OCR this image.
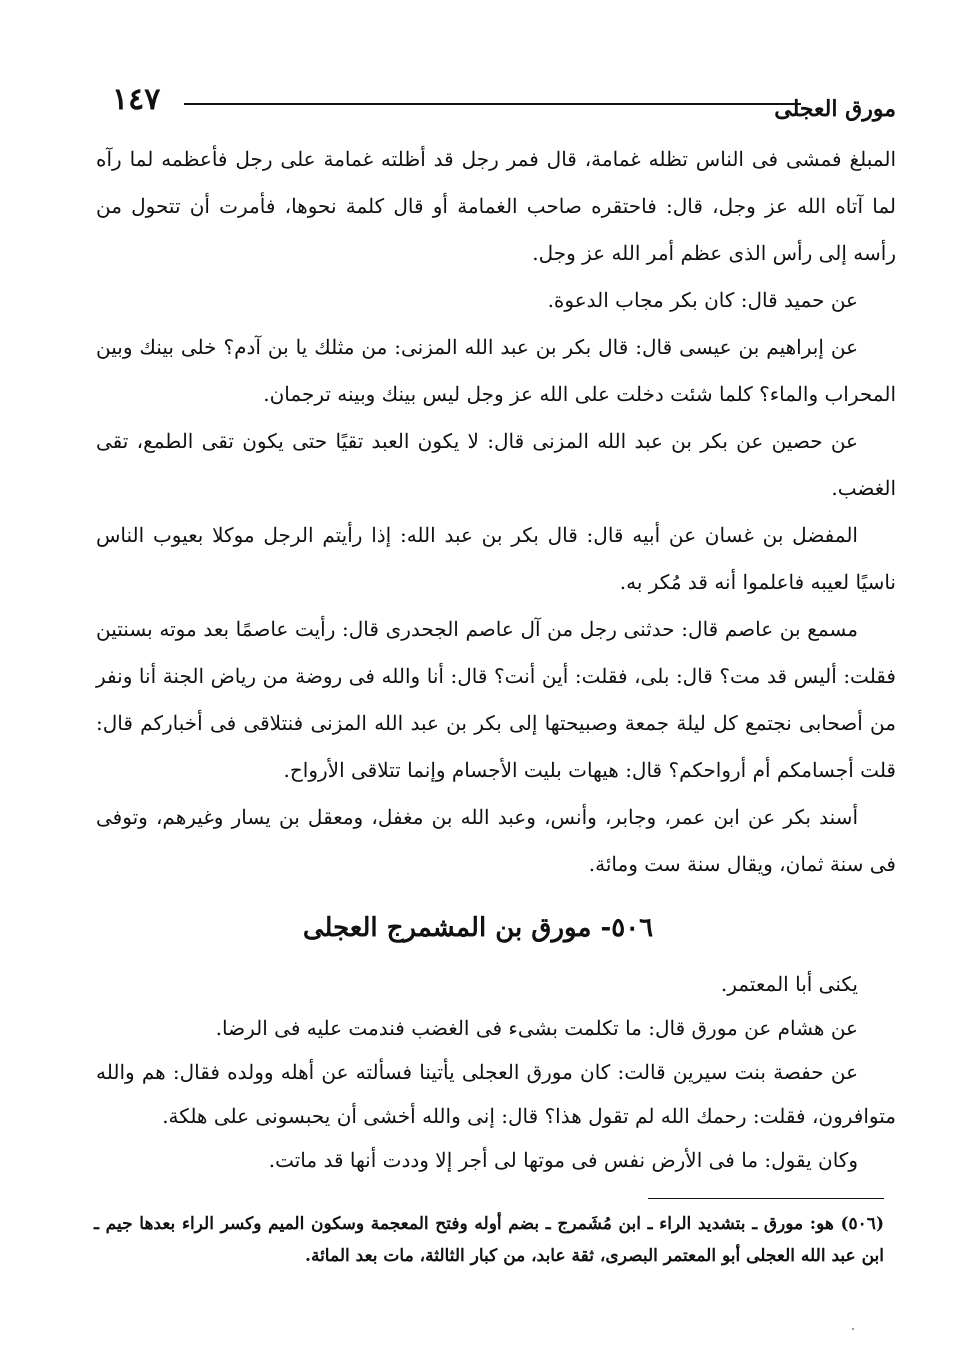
مورق العجلى
١٤٧

المبلغ فمشى فى الناس تظله غمامة، قال فمر رجل قد أظلته غمامة على رجل فأعظمه لما رآه لما آتاه الله عز وجل، قال: فاحتقره صاحب الغمامة أو قال كلمة نحوها، فأمرت أن تتحول من رأسه إلى رأس الذى عظم أمر الله عز وجل.

عن حميد قال: كان بكر مجاب الدعوة.

عن إبراهيم بن عيسى قال: قال بكر بن عبد الله المزنى: من مثلك يا بن آدم؟ خلى بينك وبين المحراب والماء؟ كلما شئت دخلت على الله عز وجل ليس بينك وبينه ترجمان.

عن حصين عن بكر بن عبد الله المزنى قال: لا يكون العبد تقيًا حتى يكون تقى الطمع، تقى الغضب.

المفضل بن غسان عن أبيه قال: قال بكر بن عبد الله: إذا رأيتم الرجل موكلا بعيوب الناس ناسيًا لعيبه فاعلموا أنه قد مُكر به.

مسمع بن عاصم قال: حدثنى رجل من آل عاصم الجحدرى قال: رأيت عاصمًا بعد موته بسنتين فقلت: أليس قد مت؟ قال: بلى، فقلت: أين أنت؟ قال: أنا والله فى روضة من رياض الجنة أنا ونفر من أصحابى نجتمع كل ليلة جمعة وصبيحتها إلى بكر بن عبد الله المزنى فنتلاقى فى أخباركم قال: قلت أجسامكم أم أرواحكم؟ قال: هيهات بليت الأجسام وإنما تتلاقى الأرواح.

أسند بكر عن ابن عمر، وجابر، وأنس، وعبد الله بن مغفل، ومعقل بن يسار وغيرهم، وتوفى فى سنة ثمان، ويقال سنة ست ومائة.

٥٠٦- مورق بن المشمرج العجلى

يكنى أبا المعتمر.

عن هشام عن مورق قال: ما تكلمت بشىء فى الغضب فندمت عليه فى الرضا.

عن حفصة بنت سيرين قالت: كان مورق العجلى يأتينا فسألته عن أهله وولده فقال: هم والله متوافرون، فقلت: رحمك الله لم تقول هذا؟ قال: إنى والله أخشى أن يحبسونى على هلكة.

وكان يقول: ما فى الأرض نفس فى موتها لى أجر إلا وددت أنها قد ماتت.

(٥٠٦) هو: مورق ـ بتشديد الراء ـ ابن مُشَمرج ـ بضم أوله وفتح المعجمة وسكون الميم وكسر الراء بعدها جيم ـ ابن عبد الله العجلى أبو المعتمر البصرى، ثقة عابد، من كبار الثالثة، مات بعد المائة.
